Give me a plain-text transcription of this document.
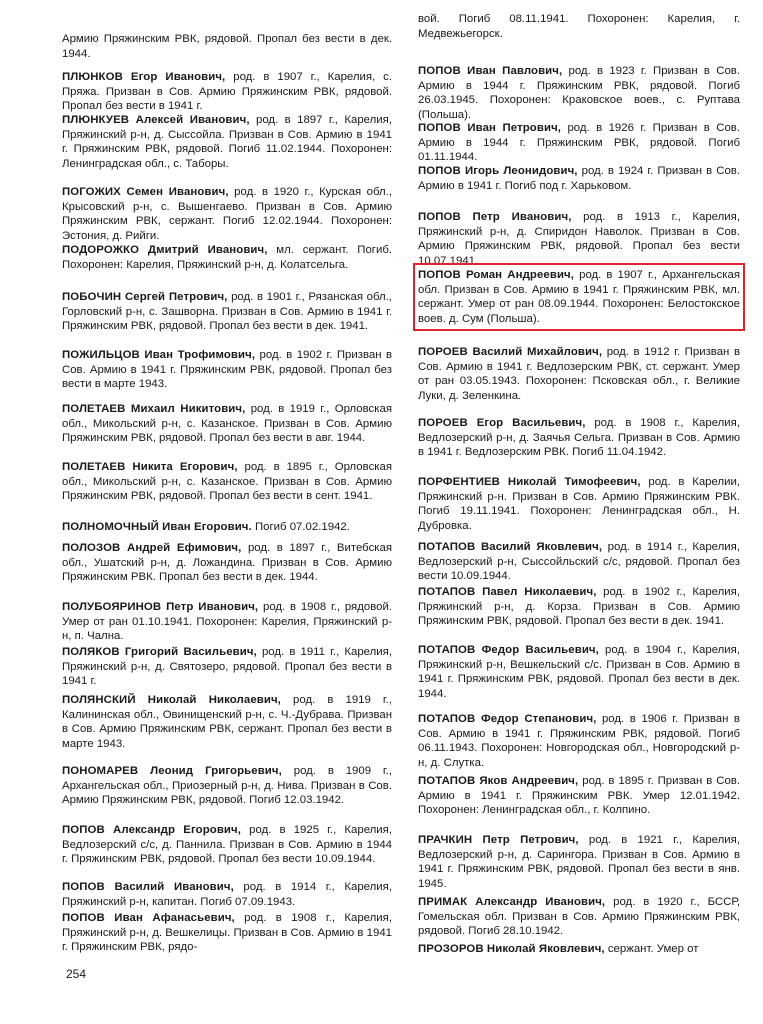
Армию Пряжинским РВК, рядовой. Пропал без вести в дек. 1944.
ПЛЮНКОВ Егор Иванович, род. в 1907 г., Карелия, с. Пряжа. Призван в Сов. Армию Пряжинским РВК, рядовой. Пропал без вести в 1941 г.
ПЛЮНКУЕВ Алексей Иванович, род. в 1897 г., Карелия, Пряжинский р-н, д. Сыссойла. Призван в Сов. Армию в 1941 г. Пряжинским РВК, рядовой. Погиб 11.02.1944. Похоронен: Ленинградская обл., с. Таборы.
ПОГОЖИХ Семен Иванович, род. в 1920 г., Курская обл., Крысовский р-н, с. Вышенгаево. Призван в Сов. Армию Пряжинским РВК, сержант. Погиб 12.02.1944. Похоронен: Эстония, д. Рийги.
ПОДОРОЖКО Дмитрий Иванович, мл. сержант. Погиб. Похоронен: Карелия, Пряжинский р-н, д. Колатсельга.
ПОБОЧИН Сергей Петрович, род. в 1901 г., Рязанская обл., Горловский р-н, с. Зашворна. Призван в Сов. Армию в 1941 г. Пряжинским РВК, рядовой. Пропал без вести в дек. 1941.
ПОЖИЛЬЦОВ Иван Трофимович, род. в 1902 г. Призван в Сов. Армию в 1941 г. Пряжинским РВК, рядовой. Пропал без вести в марте 1943.
ПОЛЕТАЕВ Михаил Никитович, род. в 1919 г., Орловская обл., Микольский р-н, с. Казанское. Призван в Сов. Армию Пряжинским РВК, рядовой. Пропал без вести в авг. 1944.
ПОЛЕТАЕВ Никита Егорович, род. в 1895 г., Орловская обл., Микольский р-н, с. Казанское. Призван в Сов. Армию Пряжинским РВК, рядовой. Пропал без вести в сент. 1941.
ПОЛНОМОЧНЫЙ Иван Егорович. Погиб 07.02.1942.
ПОЛОЗОВ Андрей Ефимович, род. в 1897 г., Витебская обл., Ушатский р-н, д. Ложандина. Призван в Сов. Армию Пряжинским РВК. Пропал без вести в дек. 1944.
ПОЛУБОЯРИНОВ Петр Иванович, род. в 1908 г., рядовой. Умер от ран 01.10.1941. Похоронен: Карелия, Пряжинский р-н, п. Чална.
ПОЛЯКОВ Григорий Васильевич, род. в 1911 г., Карелия, Пряжинский р-н, д. Святозеро, рядовой. Пропал без вести в 1941 г.
ПОЛЯНСКИЙ Николай Николаевич, род. в 1919 г., Калининская обл., Овинищенский р-н, с. Ч.-Дубрава. Призван в Сов. Армию Пряжинским РВК, сержант. Пропал без вести в марте 1943.
ПОНОМАРЕВ Леонид Григорьевич, род. в 1909 г., Архангельская обл., Приозерный р-н, д. Нива. Призван в Сов. Армию Пряжинским РВК, рядовой. Погиб 12.03.1942.
ПОПОВ Александр Егорович, род. в 1925 г., Карелия, Ведлозерский с/с, д. Паннила. Призван в Сов. Армию в 1944 г. Пряжинским РВК, рядовой. Пропал без вести 10.09.1944.
ПОПОВ Василий Иванович, род. в 1914 г., Карелия, Пряжинский р-н, капитан. Погиб 07.09.1943.
ПОПОВ Иван Афанасьевич, род. в 1908 г., Карелия, Пряжинский р-н, д. Вешкелицы. Призван в Сов. Армию в 1941 г. Пряжинским РВК, рядо-
вой. Погиб 08.11.1941. Похоронен: Карелия, г. Медвежьегорск.
ПОПОВ Иван Павлович, род. в 1923 г. Призван в Сов. Армию в 1944 г. Пряжинским РВК, рядовой. Погиб 26.03.1945. Похоронен: Краковское воев., с. Руптава (Польша).
ПОПОВ Иван Петрович, род. в 1926 г. Призван в Сов. Армию в 1944 г. Пряжинским РВК, рядовой. Погиб 01.11.1944.
ПОПОВ Игорь Леонидович, род. в 1924 г. Призван в Сов. Армию в 1941 г. Погиб под г. Харьковом.
ПОПОВ Петр Иванович, род. в 1913 г., Карелия, Пряжинский р-н, д. Спиридон Наволок. Призван в Сов. Армию Пряжинским РВК, рядовой. Пропал без вести 10.07.1941.
ПОПОВ Роман Андреевич, род. в 1907 г., Архангельская обл. Призван в Сов. Армию в 1941 г. Пряжинским РВК, мл. сержант. Умер от ран 08.09.1944. Похоронен: Белостокское воев. д. Сум (Польша).
ПОРОЕВ Василий Михайлович, род. в 1912 г. Призван в Сов. Армию в 1941 г. Ведлозерским РВК, ст. сержант. Умер от ран 03.05.1943. Похоронен: Псковская обл., г. Великие Луки, д. Зеленкина.
ПОРОЕВ Егор Васильевич, род. в 1908 г., Карелия, Ведлозерский р-н, д. Заячья Сельга. Призван в Сов. Армию в 1941 г. Ведлозерским РВК. Погиб 11.04.1942.
ПОРФЕНТИЕВ Николай Тимофеевич, род. в Карелии, Пряжинский р-н. Призван в Сов. Армию Пряжинским РВК. Погиб 19.11.1941. Похоронен: Ленинградская обл., Н. Дубровка.
ПОТАПОВ Василий Яковлевич, род. в 1914 г., Карелия, Ведлозерский р-н, Сыссойльский с/с, рядовой. Пропал без вести 10.09.1944.
ПОТАПОВ Павел Николаевич, род. в 1902 г., Карелия, Пряжинский р-н, д. Корза. Призван в Сов. Армию Пряжинским РВК, рядовой. Пропал без вести в дек. 1941.
ПОТАПОВ Федор Васильевич, род. в 1904 г., Карелия, Пряжинский р-н, Вешкельский с/с. Призван в Сов. Армию в 1941 г. Пряжинским РВК, рядовой. Пропал без вести в дек. 1944.
ПОТАПОВ Федор Степанович, род. в 1906 г. Призван в Сов. Армию в 1941 г. Пряжинским РВК, рядовой. Погиб 06.11.1943. Похоронен: Новгородская обл., Новгородский р-н, д. Слутка.
ПОТАПОВ Яков Андреевич, род. в 1895 г. Призван в Сов. Армию в 1941 г. Пряжинским РВК. Умер 12.01.1942. Похоронен: Ленинградская обл., г. Колпино.
ПРАЧКИН Петр Петрович, род. в 1921 г., Карелия, Ведлозерский р-н, д. Сарингора. Призван в Сов. Армию в 1941 г. Пряжинским РВК, рядовой. Пропал без вести в янв. 1945.
ПРИМАК Александр Иванович, род. в 1920 г., БССР, Гомельская обл. Призван в Сов. Армию Пряжинским РВК, рядовой. Погиб 28.10.1942.
ПРОЗОРОВ Николай Яковлевич, сержант. Умер от
254
